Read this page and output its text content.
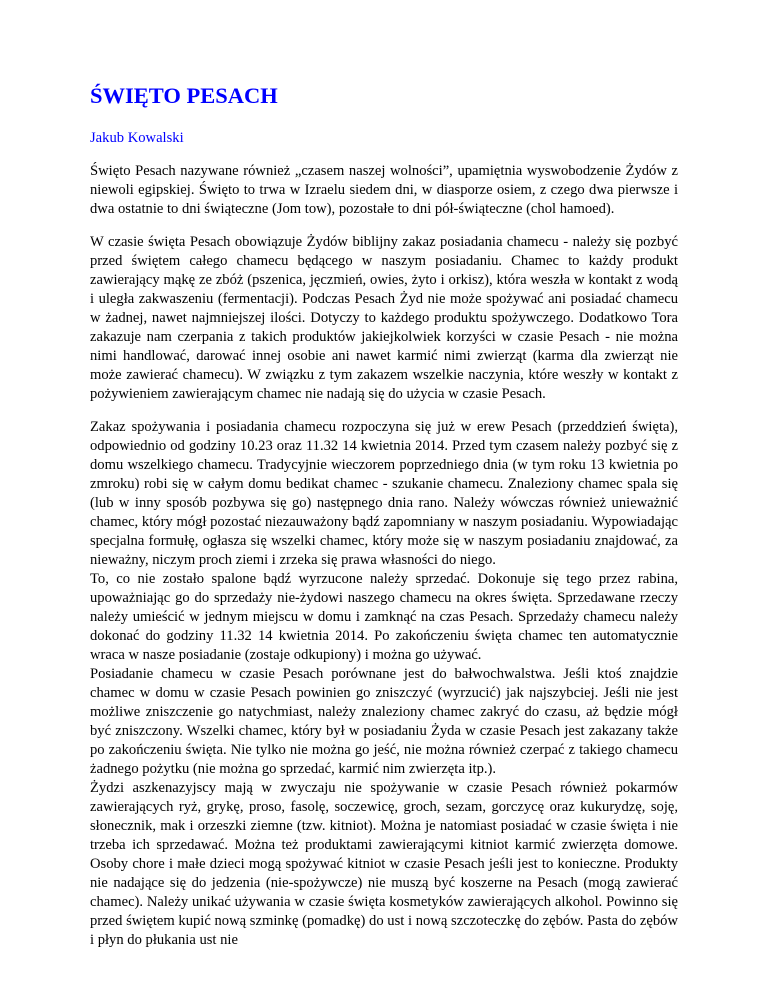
ŚWIĘTO PESACH
Jakub Kowalski

Święto Pesach nazywane również „czasem naszej wolności”, upamiętnia wyswobodzenie Żydów z niewoli egipskiej. Święto to trwa w Izraelu siedem dni, w diasporze osiem, z czego dwa pierwsze i dwa ostatnie to dni świąteczne (Jom tow), pozostałe to dni pół-świąteczne (chol hamoed).

W czasie święta Pesach obowiązuje Żydów biblijny zakaz posiadania chamecu - należy się pozbyć przed świętem całego chamecu będącego w naszym posiadaniu. Chamec to każdy produkt zawierający mąkę ze zbóż (pszenica, jęczmień, owies, żyto i orkisz), która weszła w kontakt z wodą i uległa zakwaszeniu (fermentacji). Podczas Pesach Żyd nie może spożywać ani posiadać chamecu w żadnej, nawet najmniejszej ilości. Dotyczy to każdego produktu spożywczego. Dodatkowo Tora zakazuje nam czerpania z takich produktów jakiejkolwiek korzyści w czasie Pesach - nie można nimi handlować, darować innej osobie ani nawet karmić nimi zwierząt (karma dla zwierząt nie może zawierać chamecu). W związku z tym zakazem wszelkie naczynia, które weszły w kontakt z pożywieniem zawierającym chamec nie nadają się do użycia w czasie Pesach.

Zakaz spożywania i posiadania chamecu rozpoczyna się już w erew Pesach (przeddzień święta), odpowiednio od godziny 10.23 oraz 11.32 14 kwietnia 2014. Przed tym czasem należy pozbyć się z domu wszelkiego chamecu. Tradycyjnie wieczorem poprzedniego dnia (w tym roku 13 kwietnia po zmroku) robi się w całym domu bedikat chamec - szukanie chamecu. Znaleziony chamec spala się (lub w inny sposób pozbywa się go) następnego dnia rano. Należy wówczas również unieważnić chamec, który mógł pozostać niezauważony bądź zapomniany w naszym posiadaniu. Wypowiadając specjalna formułę, ogłasza się wszelki chamec, który może się w naszym posiadaniu znajdować, za nieważny, niczym proch ziemi i zrzeka się prawa własności do niego.

To, co nie zostało spalone bądź wyrzucone należy sprzedać. Dokonuje się tego przez rabina, upoważniając go do sprzedaży nie-żydowi naszego chamecu na okres święta. Sprzedawane rzeczy należy umieścić w jednym miejscu w domu i zamknąć na czas Pesach. Sprzedaży chamecu należy dokonać do godziny 11.32 14 kwietnia 2014. Po zakończeniu święta chamec ten automatycznie wraca w nasze posiadanie (zostaje odkupiony) i można go używać.

Posiadanie chamecu w czasie Pesach porównane jest do bałwochwalstwa. Jeśli ktoś znajdzie chamec w domu w czasie Pesach powinien go zniszczyć (wyrzucić) jak najszybciej. Jeśli nie jest możliwe zniszczenie go natychmiast, należy znaleziony chamec zakryć do czasu, aż będzie mógł być zniszczony. Wszelki chamec, który był w posiadaniu Żyda w czasie Pesach jest zakazany także po zakończeniu święta. Nie tylko nie można go jeść, nie można również czerpać z takiego chamecu żadnego pożytku (nie można go sprzedać, karmić nim zwierzęta itp.).

Żydzi aszkenazyjscy mają w zwyczaju nie spożywanie w czasie Pesach również pokarmów zawierających ryż, grykę, proso, fasolę, soczewicę, groch, sezam, gorczycę oraz kukurydzę, soję, słonecznik, mak i orzeszki ziemne (tzw. kitniot). Można je natomiast posiadać w czasie święta i nie trzeba ich sprzedawać. Można też produktami zawierającymi kitniot karmić zwierzęta domowe. Osoby chore i małe dzieci mogą spożywać kitniot w czasie Pesach jeśli jest to konieczne. Produkty nie nadające się do jedzenia (nie-spożywcze) nie muszą być koszerne na Pesach (mogą zawierać chamec). Należy unikać używania w czasie święta kosmetyków zawierających alkohol. Powinno się przed świętem kupić nową szminkę (pomadkę) do ust i nową szczoteczkę do zębów. Pasta do zębów i płyn do płukania ust nie
